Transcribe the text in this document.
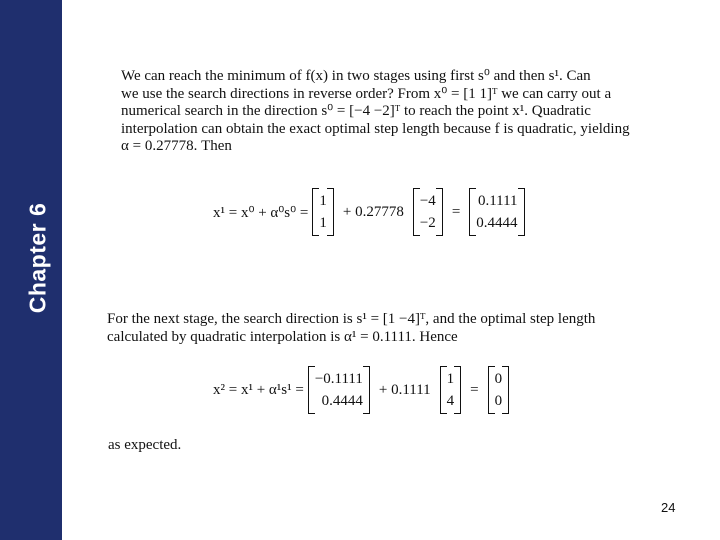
Chapter 6

We can reach the minimum of f(x) in two stages using first s⁰ and then s¹. Can

we use the search directions in reverse order? From x⁰ = [1 1]ᵀ we can carry out a

numerical search in the direction s⁰ = [−4 −2]ᵀ to reach the point x¹. Quadratic

interpolation can obtain the exact optimal step length because f is quadratic, yielding

α = 0.27778. Then

x¹ = x⁰ + α⁰s⁰ =
1
1
+ 0.27778
−4
−2
=
0.1111
0.4444

For the next stage, the search direction is s¹ = [1 −4]ᵀ, and the optimal step length

calculated by quadratic interpolation is α¹ = 0.1111. Hence

x² = x¹ + α¹s¹ =
−0.1111
0.4444
+ 0.1111
1
4
=
0
0
as expected.
24
